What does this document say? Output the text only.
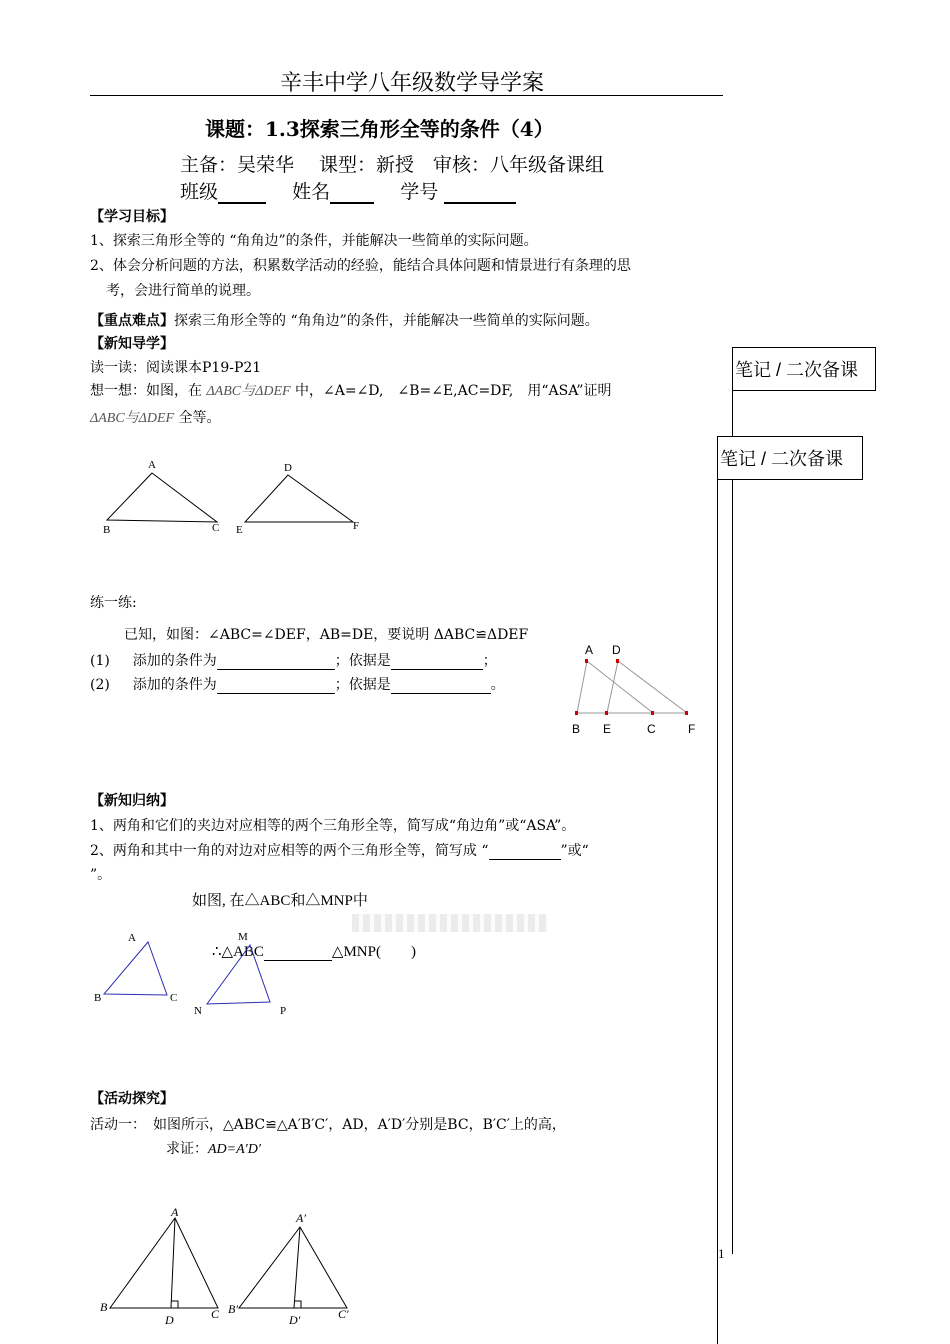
辛丰中学八年级数学导学案
课题：1.3探索三角形全等的条件（4）
主备：吴荣华　 课型：新授　审核：八年级备课组
班级	姓名	学号
【学习目标】
1、探索三角形全等的 “角角边”的条件，并能解决一些简单的实际问题。
2、体会分析问题的方法，积累数学活动的经验，能结合具体问题和情景进行有条理的思
考，会进行简单的说理。
【重点难点】探索三角形全等的 “角角边”的条件，并能解决一些简单的实际问题。
【新知导学】
读一读：阅读课本P19-P21
想一想：如图，在 ΔABC与ΔDEF 中，∠A=∠D,　∠B=∠E,AC=DF,　用“ASA”证明
ΔABC与ΔDEF 全等。
A
B	C
D
E	F
练一练:
已知，如图：∠ABC=∠DEF，AB=DE，要说明 ΔABC≌ΔDEF
(1) 添加的条件为	；依据是	；
(2) 添加的条件为	；依据是	。
A D
B E	C	F
【新知归纳】
1、两角和它们的夹边对应相等的两个三角形全等，简写成“角边角”或“ASA”。
2、两角和其中一角的对边对应相等的两个三角形全等，简写成 “	”或“
”。
如图, 在△ABC和△MNP中
∴△ABC	△MNP(　　)
A
B	C
M
N	P
【活动探究】
活动一：　如图所示，△ABC≌△A′B′C′，AD，A′D′分别是BC，B′C′上的高，
求证：AD=A′D′
A
B	C
D
A′
B′	C′
D′
笔记 / 二次备课
笔记 / 二次备课
1
